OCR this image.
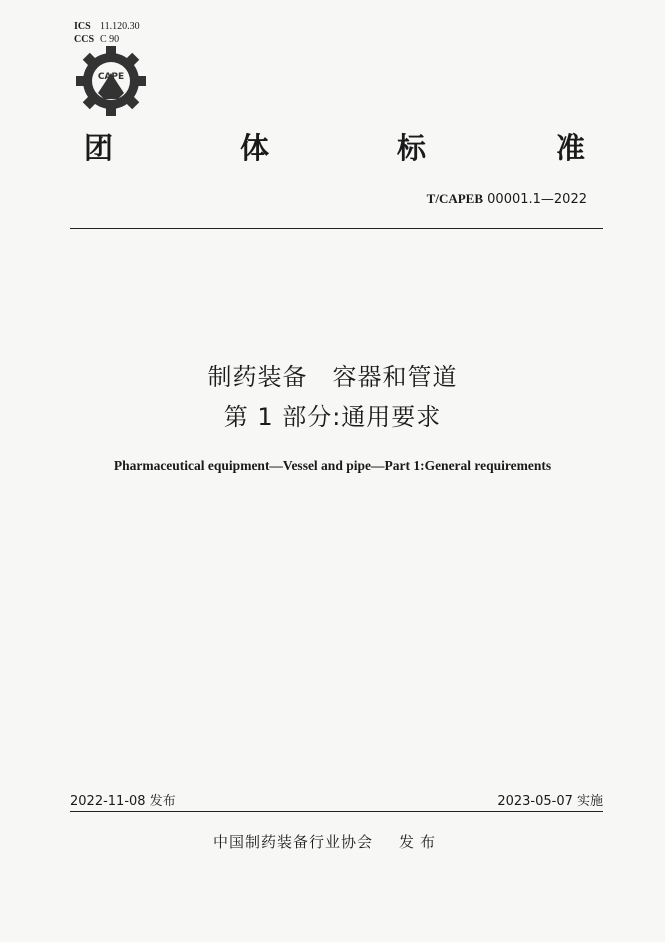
ICS 11.120.30
CCS C 90
CAPE
团	体	标	准
T/CAPEB 00001.1—2022
制药装备　容器和管道
第 1 部分:通用要求
Pharmaceutical equipment—Vessel and pipe—Part 1:General requirements
2022-11-08 发布	2023-05-07 实施
中国制药装备行业协会 发布
